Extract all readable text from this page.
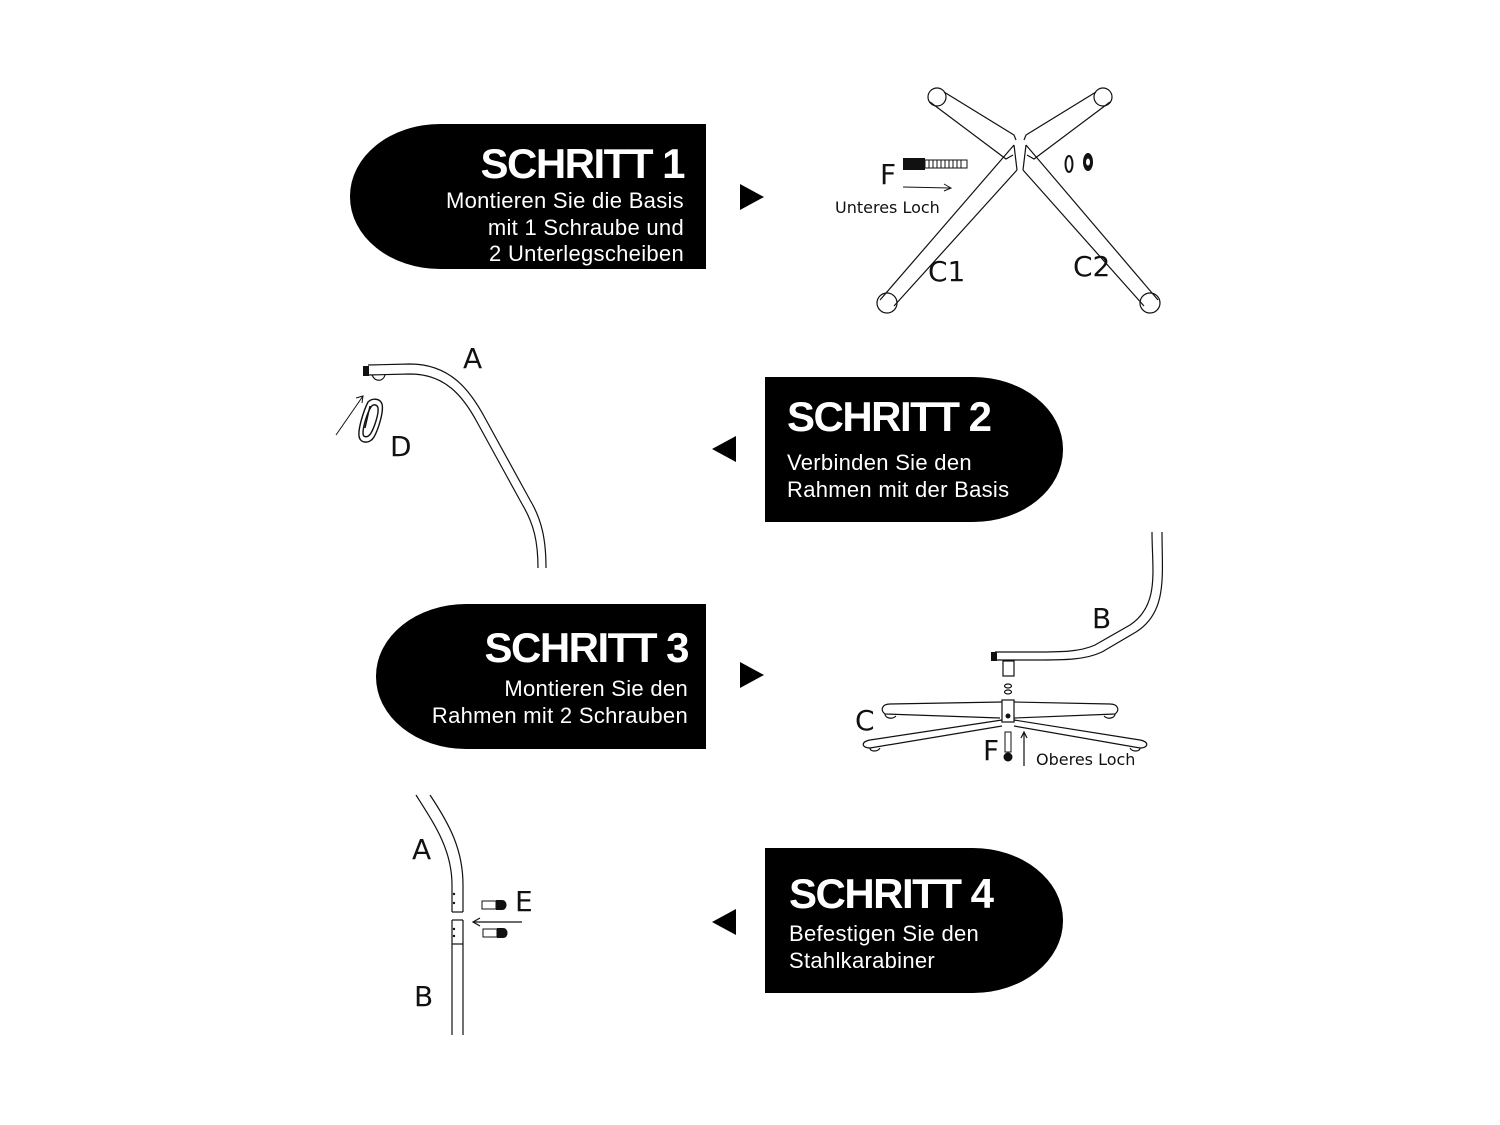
SCHRITT 1
Montieren Sie die Basis
mit 1 Schraube und
2 Unterlegscheiben
F
Unteres Loch
C1	C2
A
D
SCHRITT 2
Verbinden Sie den
Rahmen mit der Basis
SCHRITT 3
Montieren Sie den
Rahmen mit 2 Schrauben
B
C
F Oberes Loch
A
B
E	SCHRITT 4
Befestigen Sie den
Stahlkarabiner
